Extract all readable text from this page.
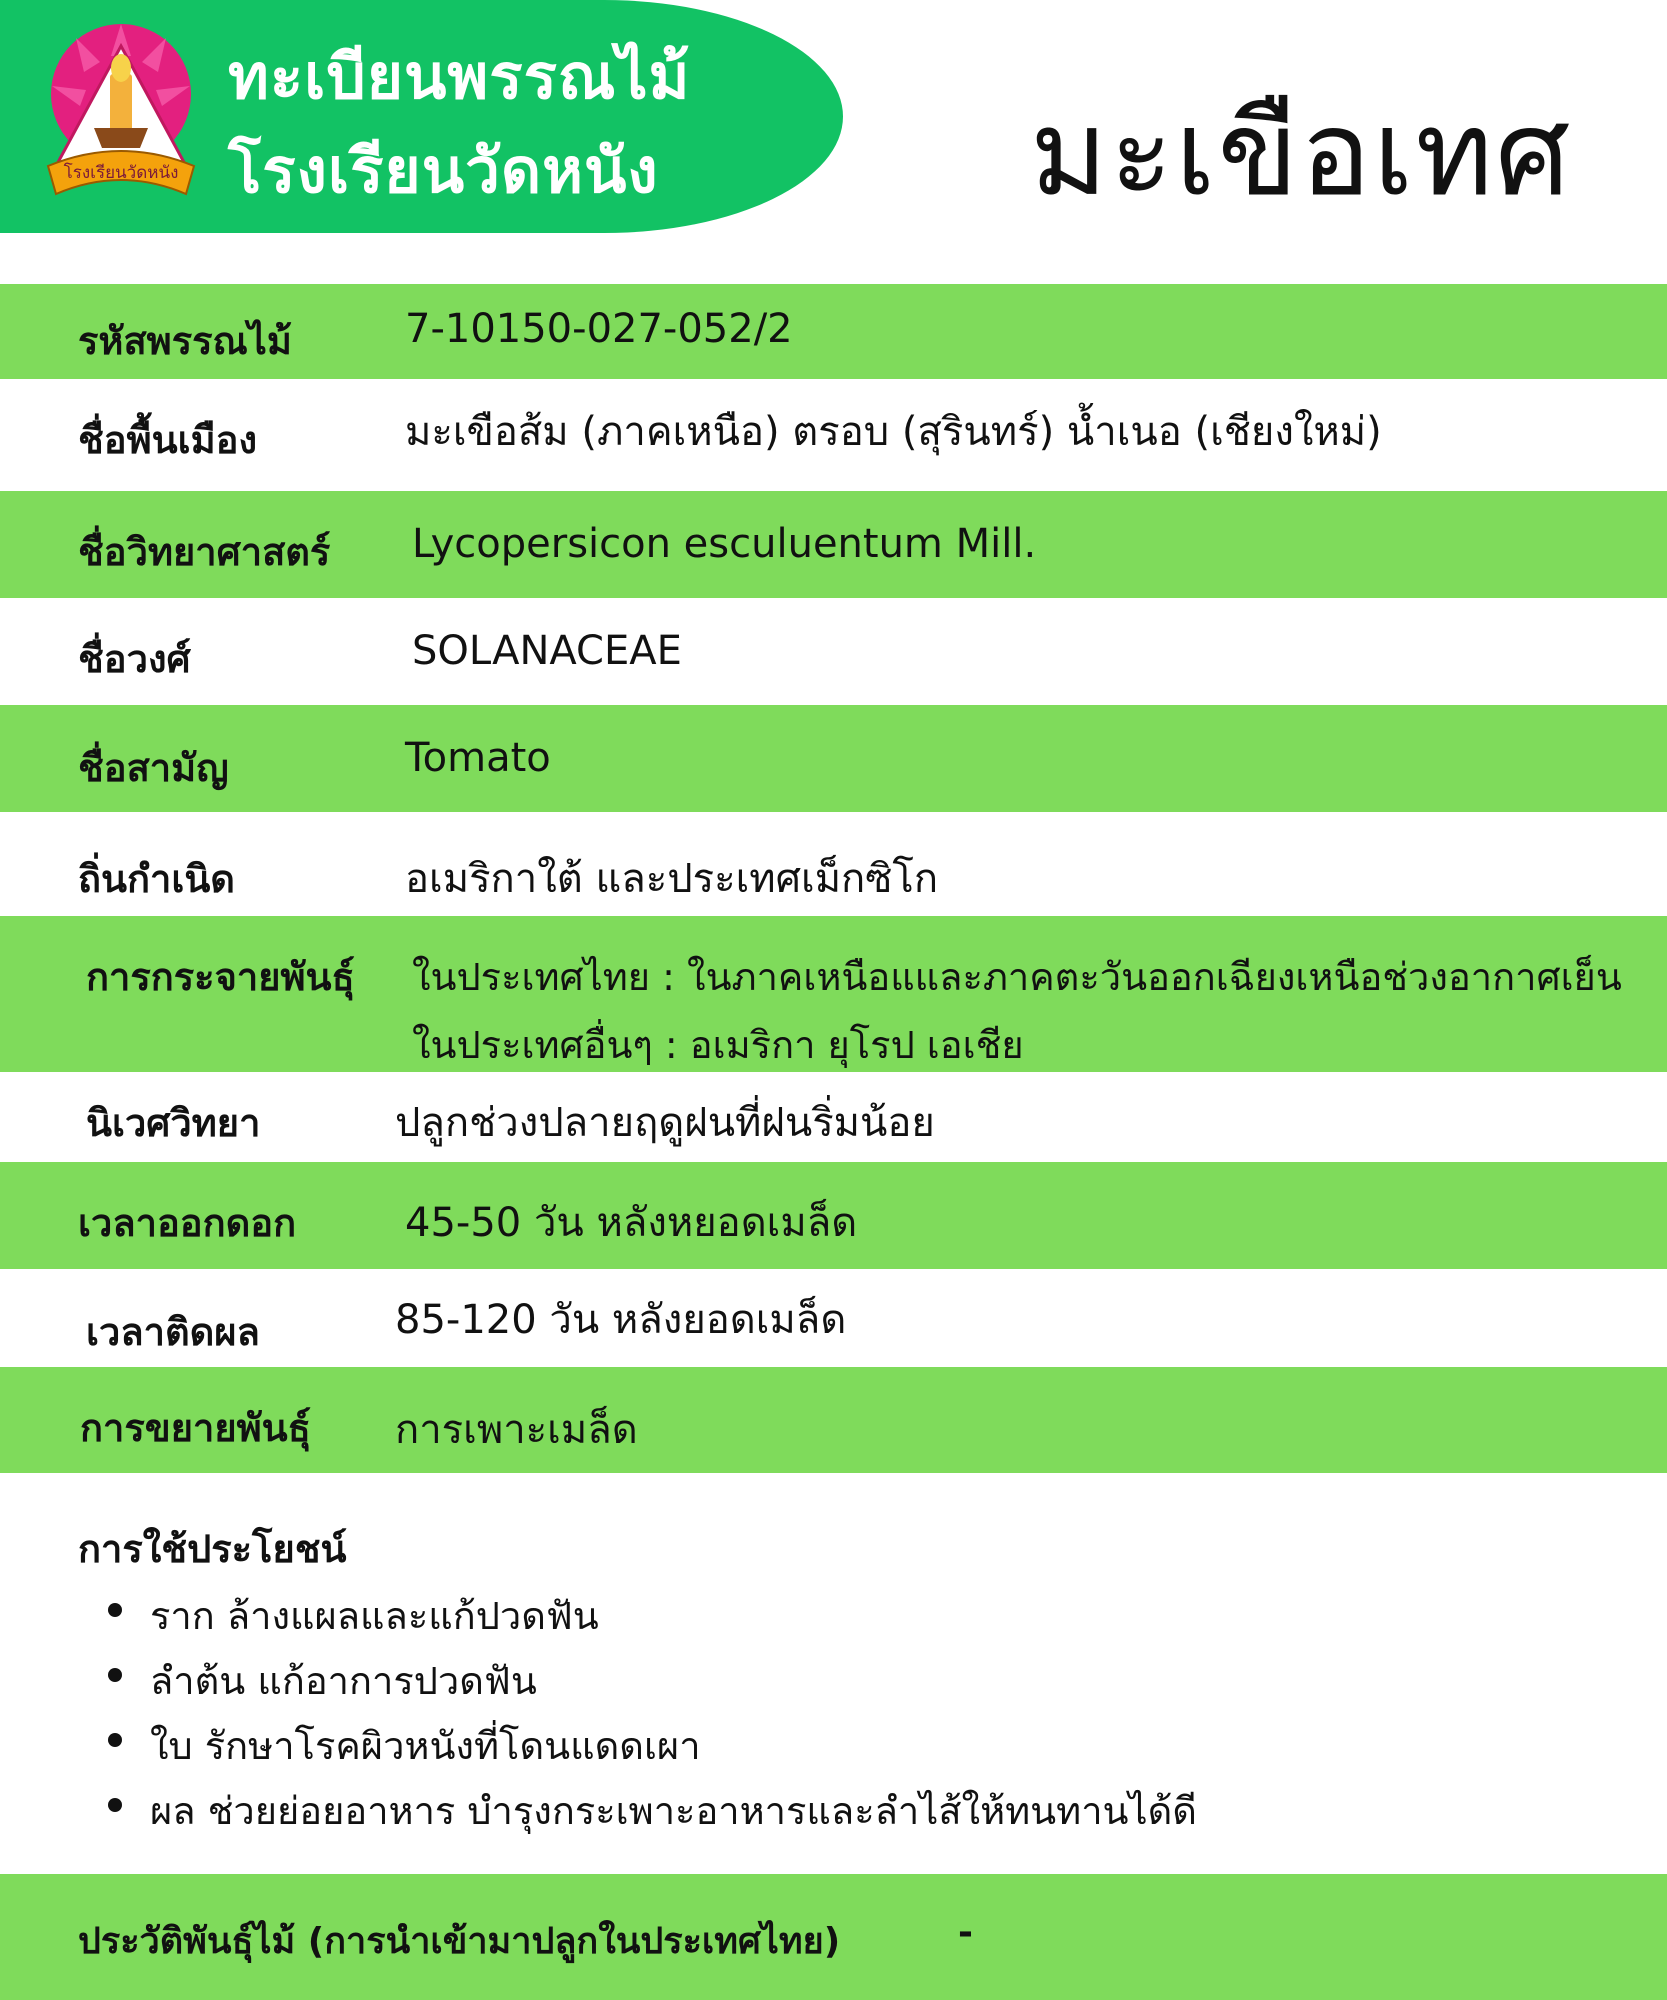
โรงเรียนวัดหนัง
ทะเบียนพรรณไม้
โรงเรียนวัดหนัง	มะเขือเทศ
รหัสพรรณไม้	7-10150-027-052/2
ชื่อพื้นเมือง	มะเขือส้ม (ภาคเหนือ) ตรอบ (สุรินทร์) น้ำเนอ (เชียงใหม่)
ชื่อวิทยาศาสตร์ Lycopersicon esculuentum Mill.
ชื่อวงศ์	SOLANACEAE
ชื่อสามัญ	Tomato
ถิ่นกำเนิด	อเมริกาใต้ และประเทศเม็กซิโก
การกระจายพันธุ์ ในประเทศไทย : ในภาคเหนือแและภาคตะวันออกเฉียงเหนือช่วงอากาศเย็น
ในประเทศอื่นๆ : อเมริกา ยุโรป เอเชีย
นิเวศวิทยา	ปลูกช่วงปลายฤดูฝนที่ฝนริ่มน้อย
เวลาออกดอก	45-50 วัน หลังหยอดเมล็ด
เวลาติดผล	85-120 วัน หลังยอดเมล็ด
การขยายพันธุ์ การเพาะเมล็ด
การใช้ประโยชน์
ราก ล้างแผลและแก้ปวดฟัน
ลำต้น แก้อาการปวดฟัน
ใบ รักษาโรคผิวหนังที่โดนแดดเผา
ผล ช่วยย่อยอาหาร บำรุงกระเพาะอาหารและลำไส้ให้ทนทานได้ดี
ประวัติพันธุ์ไม้ (การนำเข้ามาปลูกในประเทศไทย)	-
